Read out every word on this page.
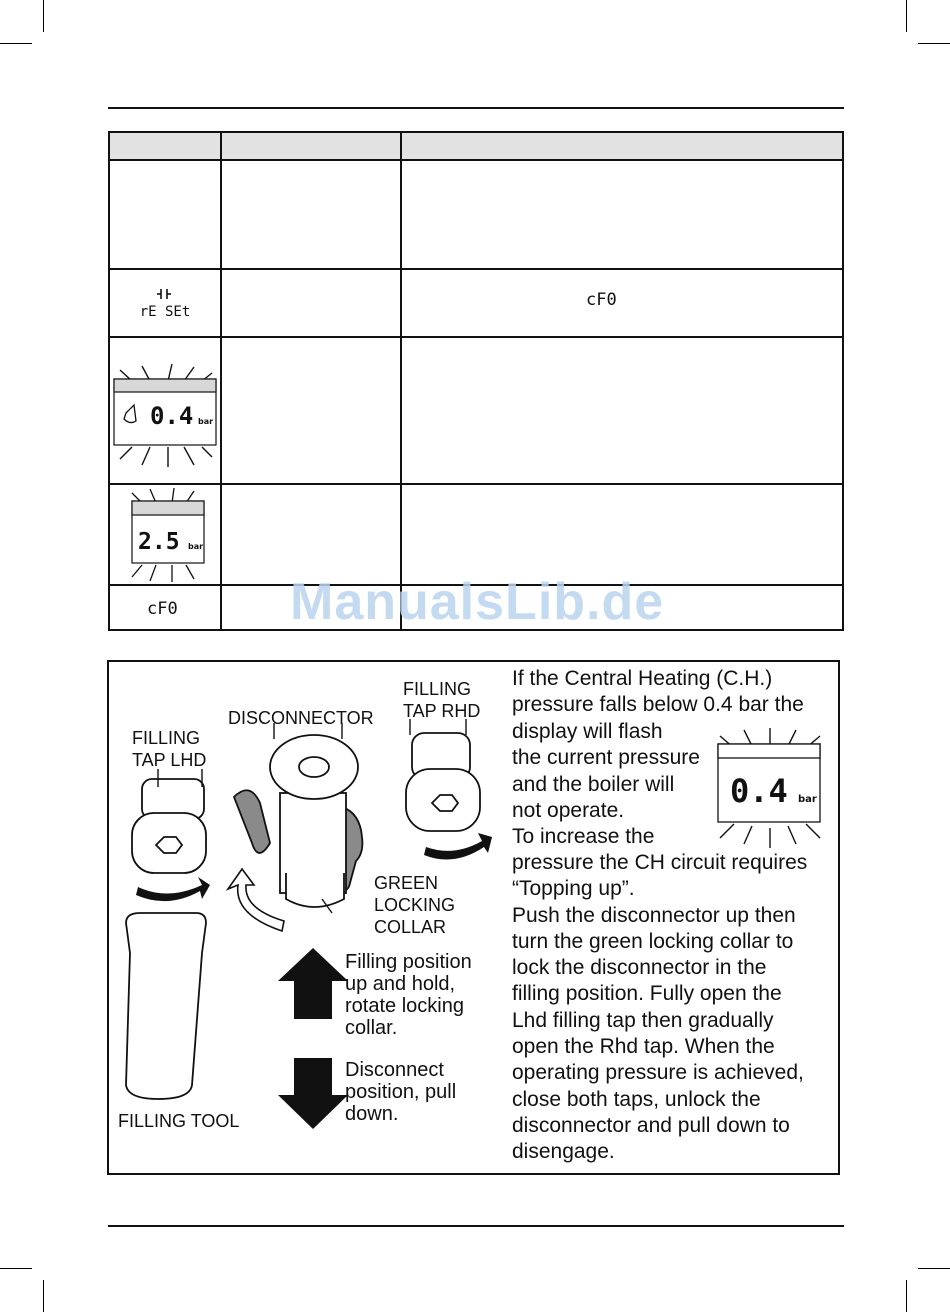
rE SEt
cF0
0.4 bar
2.5 bar
cF0 ManualsLib.de
FILLING
TAP RHD
DISCONNECTOR
FILLING
TAP LHD
GREEN
LOCKING
COLLAR
FILLING TOOL
Filling position
up and hold,
rotate locking
collar.
Disconnect
position, pull
down.
If the Central Heating (C.H.)
pressure falls below 0.4 bar the
display will flash
the current pressure
and the boiler will
not operate.
To increase the
pressure the CH circuit requires
“Topping up”.
Push the disconnector up then
turn the green locking collar to
lock the disconnector in the
filling position. Fully open the
Lhd filling tap then gradually
open the Rhd tap. When the
operating pressure is achieved,
close both taps, unlock the
disconnector and pull down to
disengage.
0.4 bar
